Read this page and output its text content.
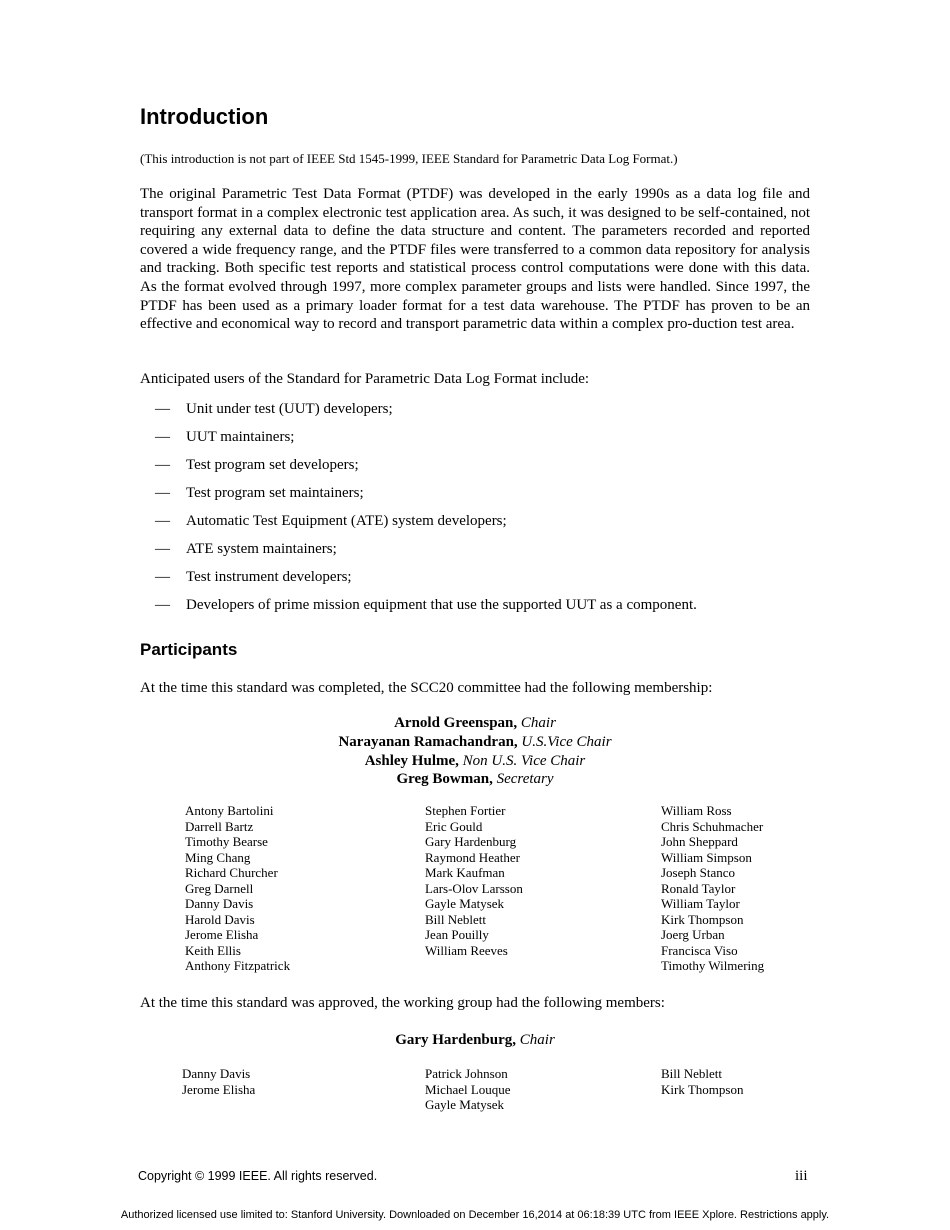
Introduction
(This introduction is not part of IEEE Std 1545-1999, IEEE Standard for Parametric Data Log Format.)
The original Parametric Test Data Format (PTDF) was developed in the early 1990s as a data log file and transport format in a complex electronic test application area. As such, it was designed to be self-contained, not requiring any external data to define the data structure and content. The parameters recorded and reported covered a wide frequency range, and the PTDF files were transferred to a common data repository for analysis and tracking. Both specific test reports and statistical process control computations were done with this data. As the format evolved through 1997, more complex parameter groups and lists were handled. Since 1997, the PTDF has been used as a primary loader format for a test data warehouse. The PTDF has proven to be an effective and economical way to record and transport parametric data within a complex pro-duction test area.
Anticipated users of the Standard for Parametric Data Log Format include:
— Unit under test (UUT) developers;
— UUT maintainers;
— Test program set developers;
— Test program set maintainers;
— Automatic Test Equipment (ATE) system developers;
— ATE system maintainers;
— Test instrument developers;
— Developers of prime mission equipment that use the supported UUT as a component.
Participants
At the time this standard was completed, the SCC20 committee had the following membership:
Arnold Greenspan, Chair
Narayanan Ramachandran, U.S.Vice Chair
Ashley Hulme, Non U.S. Vice Chair
Greg Bowman, Secretary
Antony Bartolini
Darrell Bartz
Timothy Bearse
Ming Chang
Richard Churcher
Greg Darnell
Danny Davis
Harold Davis
Jerome Elisha
Keith Ellis
Anthony Fitzpatrick
Stephen Fortier
Eric Gould
Gary Hardenburg
Raymond Heather
Mark Kaufman
Lars-Olov Larsson
Gayle Matysek
Bill Neblett
Jean Pouilly
William Reeves
William Ross
Chris Schuhmacher
John Sheppard
William Simpson
Joseph Stanco
Ronald Taylor
William Taylor
Kirk Thompson
Joerg Urban
Francisca Viso
Timothy Wilmering
At the time this standard was approved, the working group had the following members:
Gary Hardenburg, Chair
Danny Davis
Jerome Elisha
Patrick Johnson
Michael Louque
Gayle Matysek
Bill Neblett
Kirk Thompson
Copyright © 1999 IEEE. All rights reserved.	iii
Authorized licensed use limited to: Stanford University. Downloaded on December 16,2014 at 06:18:39 UTC from IEEE Xplore. Restrictions apply.
